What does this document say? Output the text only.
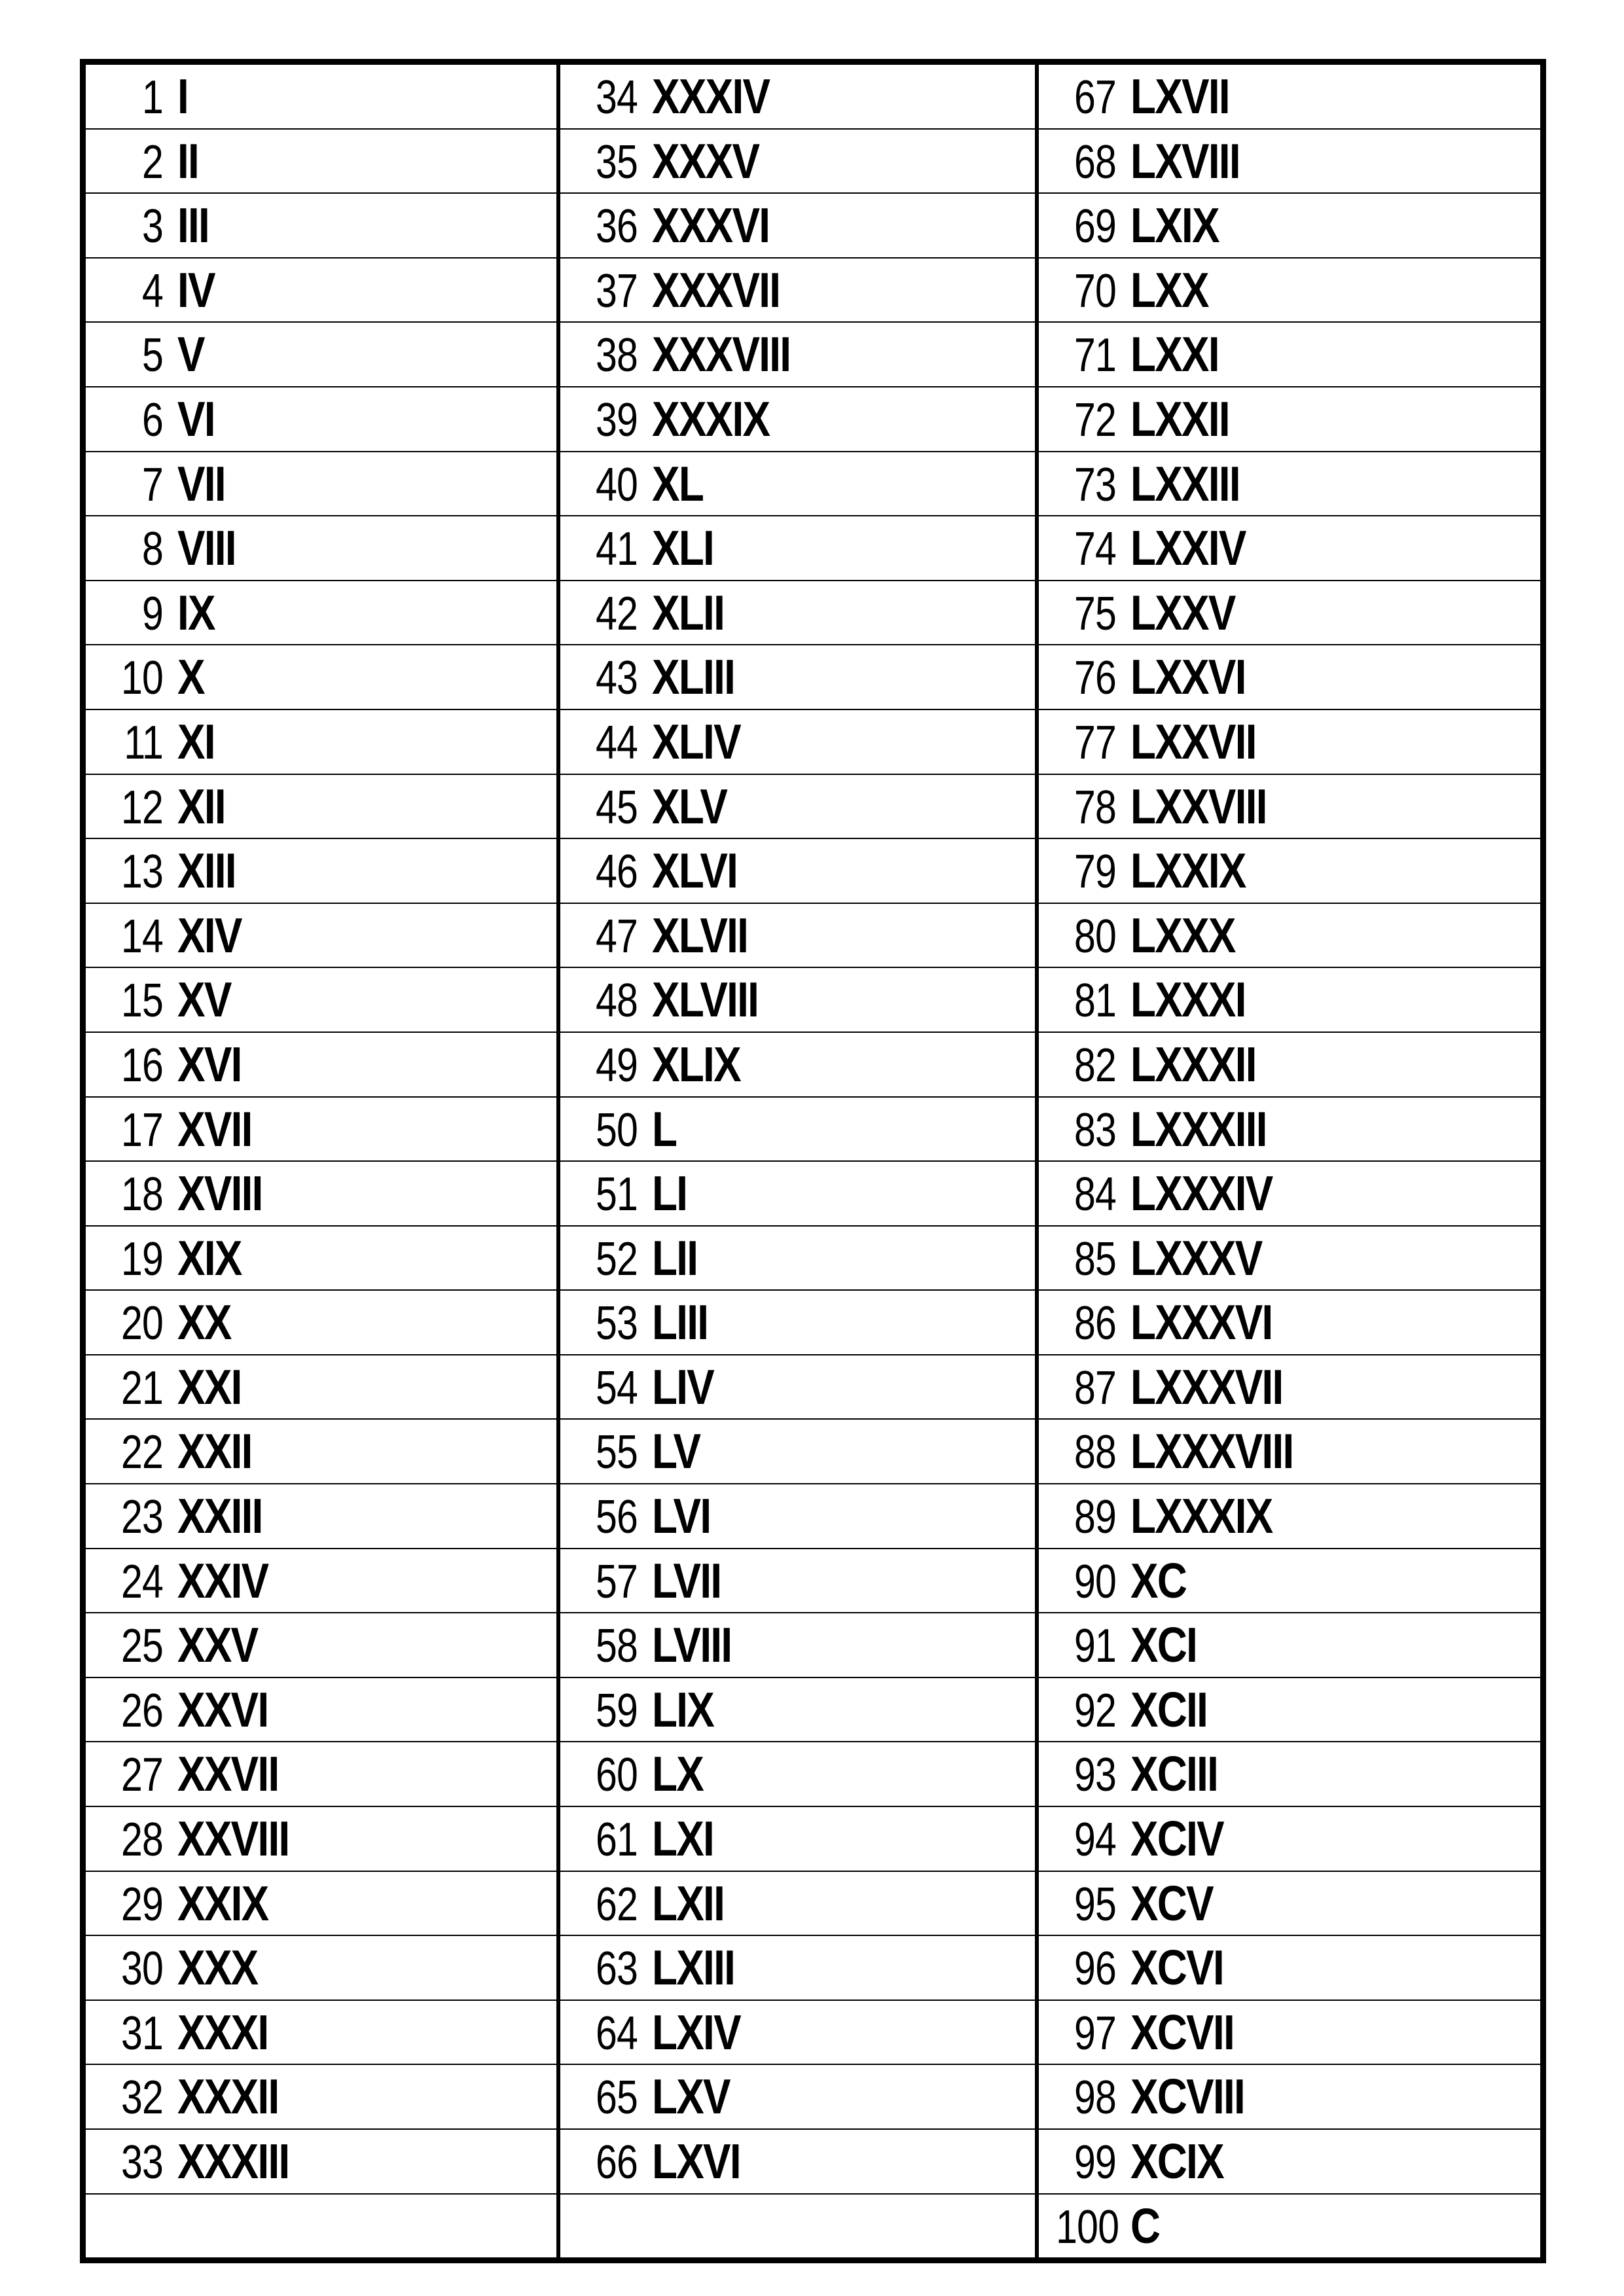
1 I	34 XXXIV	67 LXVII

2 II	35 XXXV	68 LXVIII

3 III	36 XXXVI	69 LXIX

4 IV	37 XXXVII	70 LXX

5 V	38 XXXVIII	71 LXXI

6 VI	39 XXXIX	72 LXXII

7 VII	40 XL	73 LXXIII

8 VIII	41 XLI	74 LXXIV

9 IX	42 XLII	75 LXXV

10 X	43 XLIII	76 LXXVI

11 XI	44 XLIV	77 LXXVII

12 XII	45 XLV	78 LXXVIII

13 XIII	46 XLVI	79 LXXIX

14 XIV	47 XLVII	80 LXXX

15 XV	48 XLVIII	81 LXXXI

16 XVI	49 XLIX	82 LXXXII

17 XVII	50 L	83 LXXXIII

18 XVIII	51 LI	84 LXXXIV

19 XIX	52 LII	85 LXXXV

20 XX	53 LIII	86 LXXXVI

21 XXI	54 LIV	87 LXXXVII

22 XXII	55 LV	88 LXXXVIII

23 XXIII	56 LVI	89 LXXXIX

24 XXIV	57 LVII	90 XC

25 XXV	58 LVIII	91 XCI

26 XXVI	59 LIX	92 XCII

27 XXVII	60 LX	93 XCIII

28 XXVIII	61 LXI	94 XCIV

29 XXIX	62 LXII	95 XCV

30 XXX	63 LXIII	96 XCVI

31 XXXI	64 LXIV	97 XCVII

32 XXXII	65 LXV	98 XCVIII

33 XXXIII	66 LXVI	99 XCIX

		100 C
